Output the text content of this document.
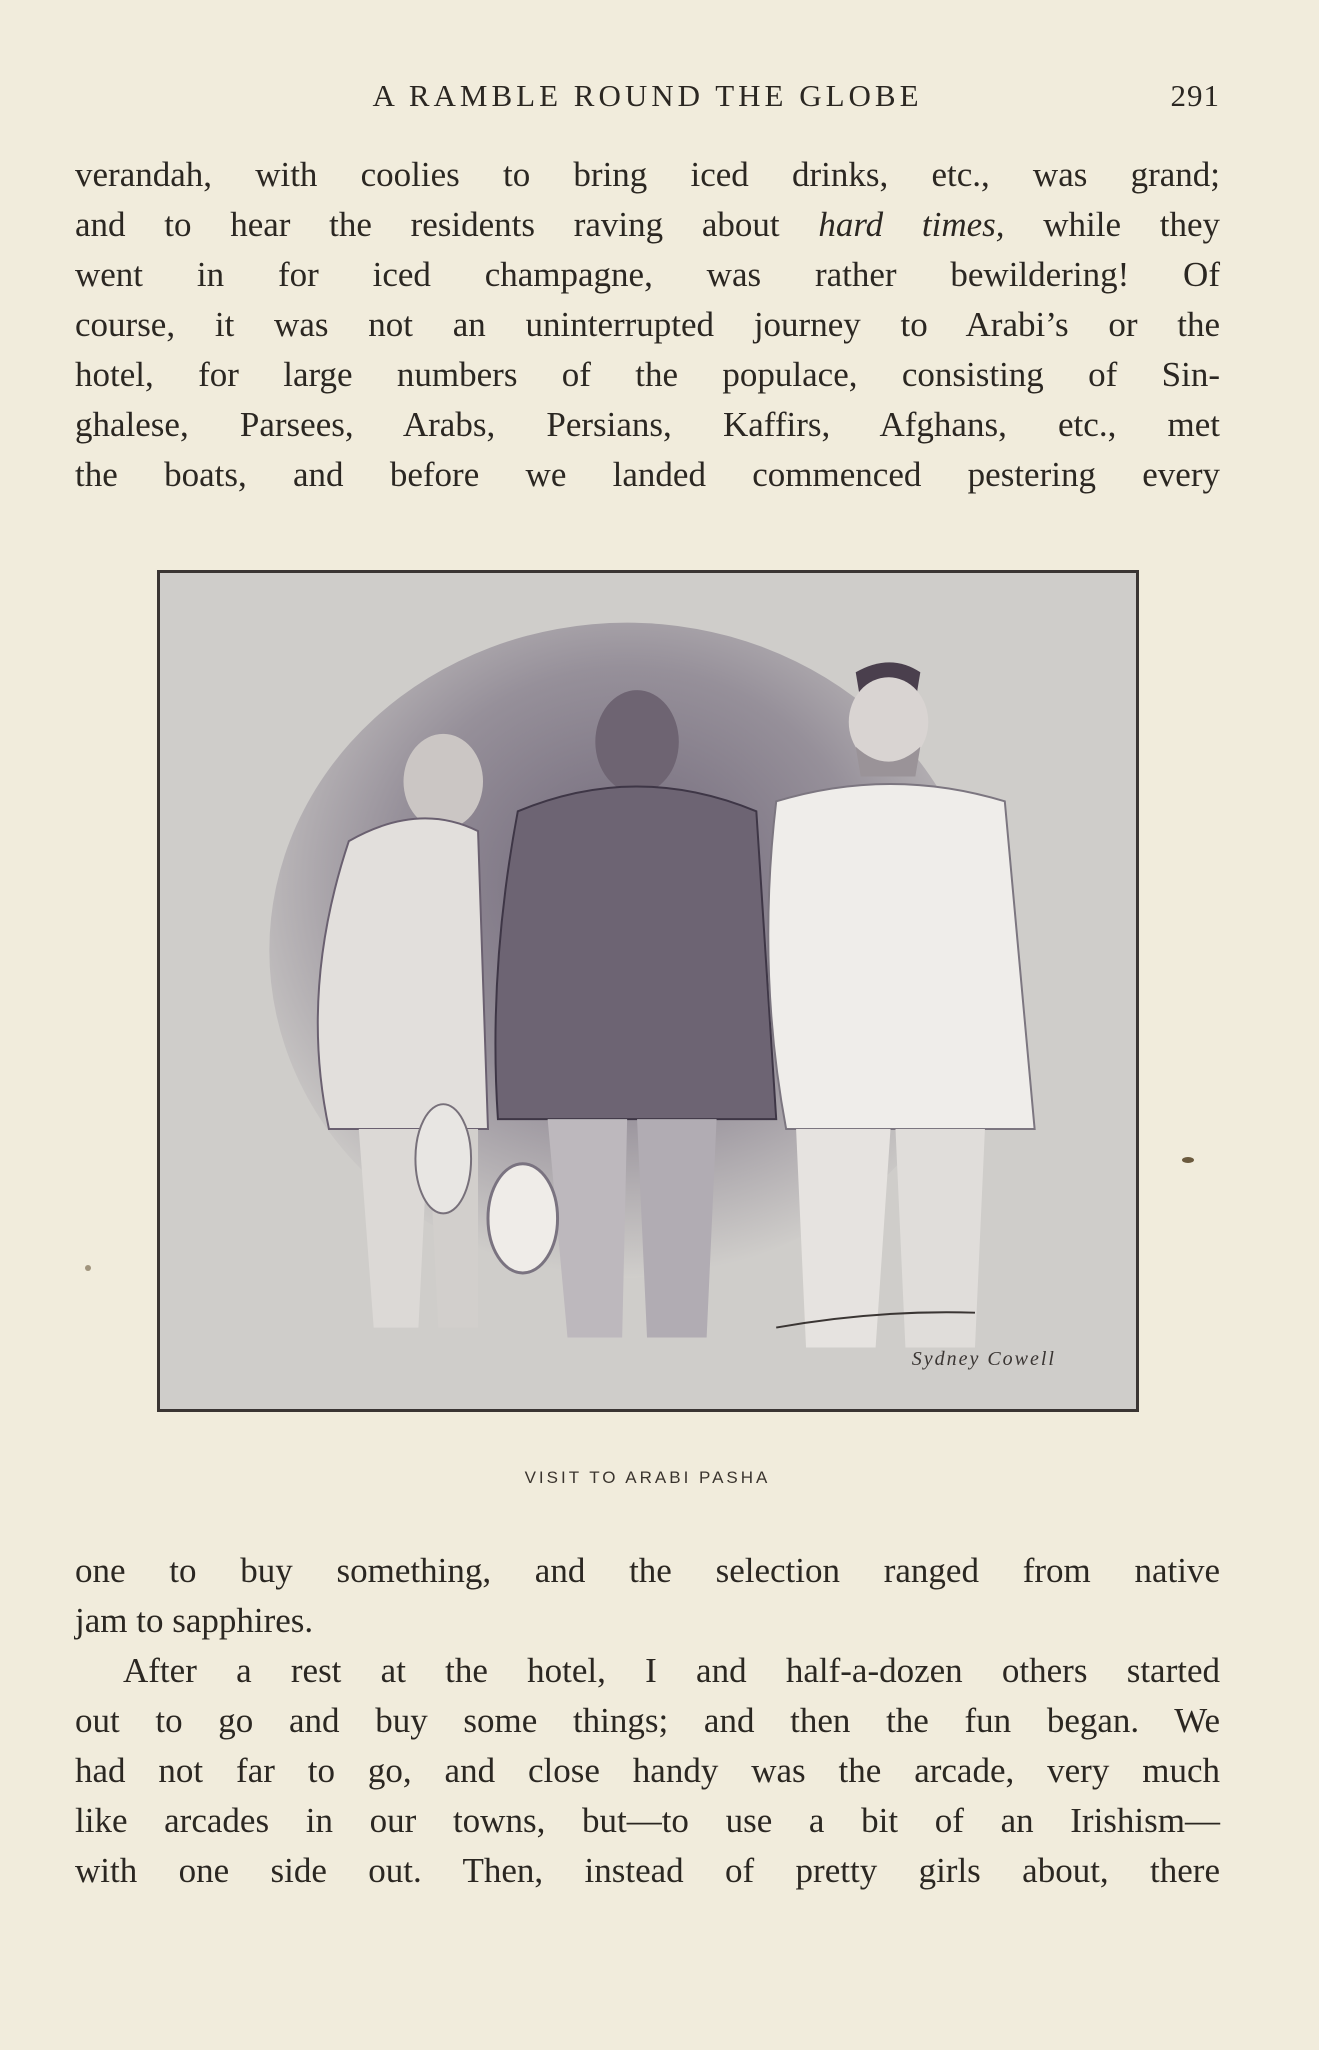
A RAMBLE ROUND THE GLOBE	291
verandah, with coolies to bring iced drinks, etc., was grand;
and to hear the residents raving about hard times, while they
went in for iced champagne, was rather bewildering! Of
course, it was not an uninterrupted journey to Arabi’s or the
hotel, for large numbers of the populace, consisting of Sin-
ghalese, Parsees, Arabs, Persians, Kaffirs, Afghans, etc., met
the boats, and before we landed commenced pestering every
Sydney Cowell
VISIT TO ARABI PASHA
one to buy something, and the selection ranged from native
jam to sapphires.
After a rest at the hotel, I and half-a-dozen others started
out to go and buy some things; and then the fun began. We
had not far to go, and close handy was the arcade, very much
like arcades in our towns, but—to use a bit of an Irishism—
with one side out. Then, instead of pretty girls about, there
